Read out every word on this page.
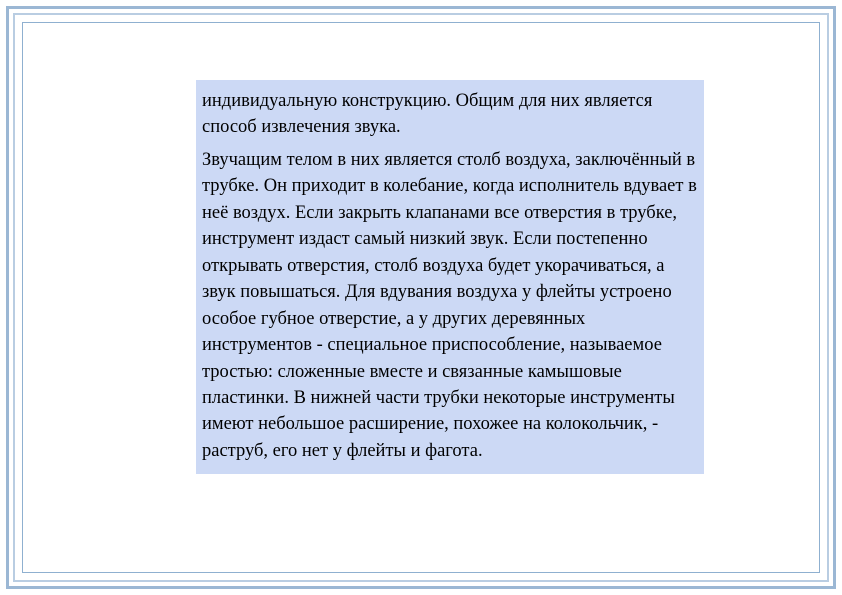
индивидуальную конструкцию. Общим для них является способ извлечения звука.

Звучащим телом в них является столб воздуха, заключённый в трубке. Он приходит в колебание, когда исполнитель вдувает в неё воздух. Если закрыть клапанами все отверстия в трубке, инструмент издаст самый низкий звук. Если постепенно открывать отверстия, столб воздуха будет укорачиваться, а звук повышаться. Для вдувания воздуха у флейты устроено особое губное отверстие, а у других деревянных инструментов - специальное приспособление, называемое тростью: сложенные вместе и связанные камышовые пластинки. В нижней части трубки некоторые инструменты имеют небольшое расширение, похожее на колокольчик, - раструб, его нет у флейты и фагота.
